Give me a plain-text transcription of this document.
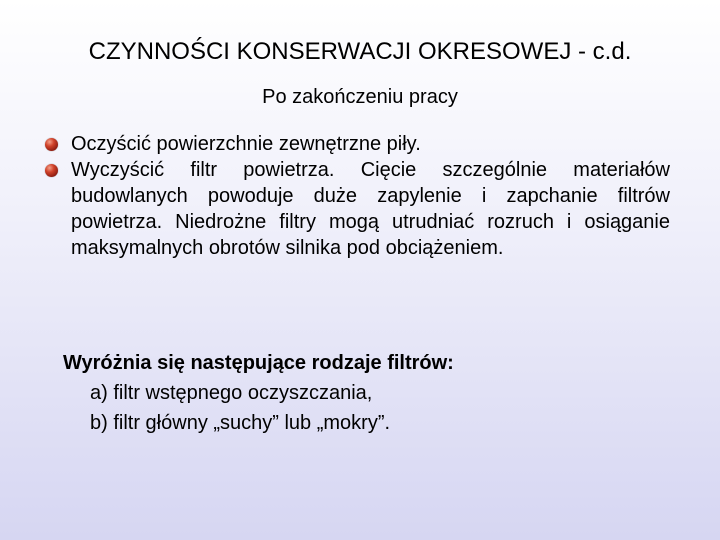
CZYNNOŚCI KONSERWACJI OKRESOWEJ - c.d.
Po zakończeniu pracy
Oczyścić powierzchnie zewnętrzne piły.
Wyczyścić filtr powietrza. Cięcie szczególnie materiałów budowlanych powoduje duże zapylenie i zapchanie filtrów powietrza. Niedrożne filtry mogą utrudniać rozruch i osiąganie maksymalnych obrotów silnika pod obciążeniem.
Wyróżnia się następujące rodzaje filtrów:
a) filtr wstępnego oczyszczania,
b) filtr główny „suchy” lub „mokry”.
